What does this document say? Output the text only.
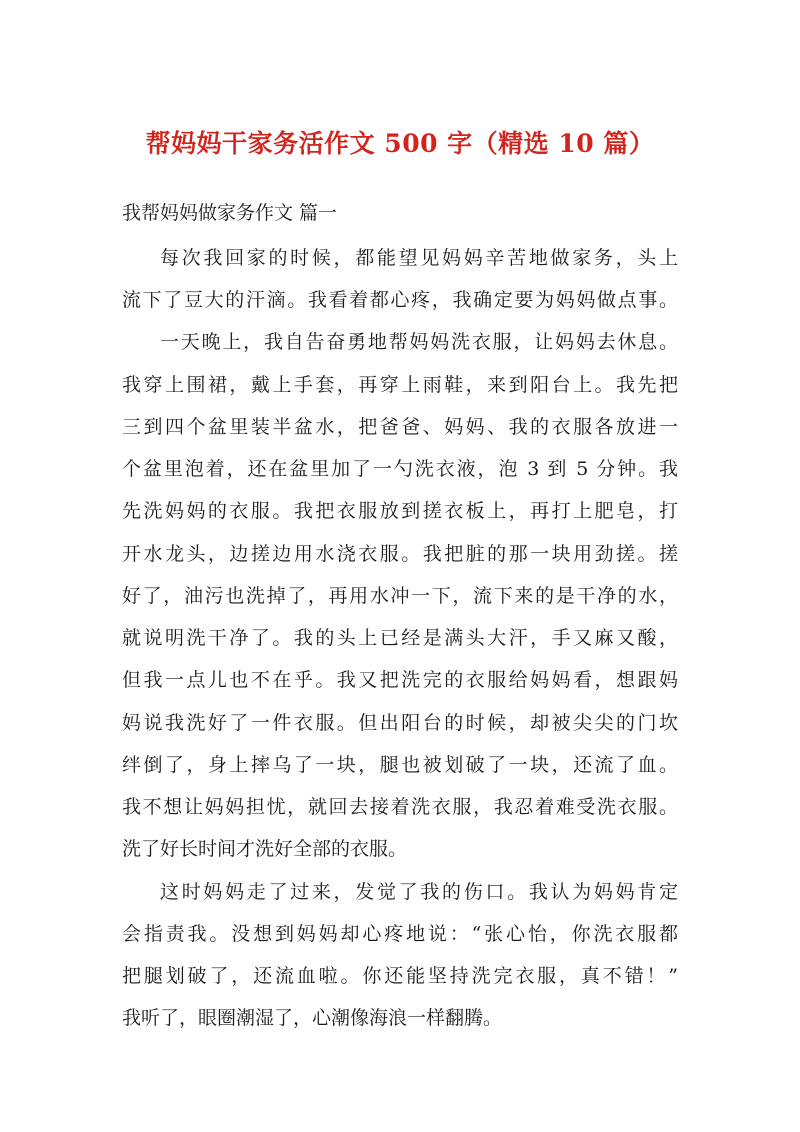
帮妈妈干家务活作文 500 字（精选 10 篇）
我帮妈妈做家务作文 篇一
每次我回家的时候，都能望见妈妈辛苦地做家务，头上
流下了豆大的汗滴。我看着都心疼，我确定要为妈妈做点事。
一天晚上，我自告奋勇地帮妈妈洗衣服，让妈妈去休息。
我穿上围裙，戴上手套，再穿上雨鞋，来到阳台上。我先把
三到四个盆里装半盆水，把爸爸、妈妈、我的衣服各放进一
个盆里泡着，还在盆里加了一勺洗衣液，泡 3 到 5 分钟。我
先洗妈妈的衣服。我把衣服放到搓衣板上，再打上肥皂，打
开水龙头，边搓边用水浇衣服。我把脏的那一块用劲搓。搓
好了，油污也洗掉了，再用水冲一下，流下来的是干净的水，
就说明洗干净了。我的头上已经是满头大汗，手又麻又酸，
但我一点儿也不在乎。我又把洗完的衣服给妈妈看，想跟妈
妈说我洗好了一件衣服。但出阳台的时候，却被尖尖的门坎
绊倒了，身上摔乌了一块，腿也被划破了一块，还流了血。
我不想让妈妈担忧，就回去接着洗衣服，我忍着难受洗衣服。
洗了好长时间才洗好全部的衣服。
这时妈妈走了过来，发觉了我的伤口。我认为妈妈肯定
会指责我。没想到妈妈却心疼地说：“张心怡，你洗衣服都
把腿划破了，还流血啦。你还能坚持洗完衣服，真不错！”
我听了，眼圈潮湿了，心潮像海浪一样翻腾。
